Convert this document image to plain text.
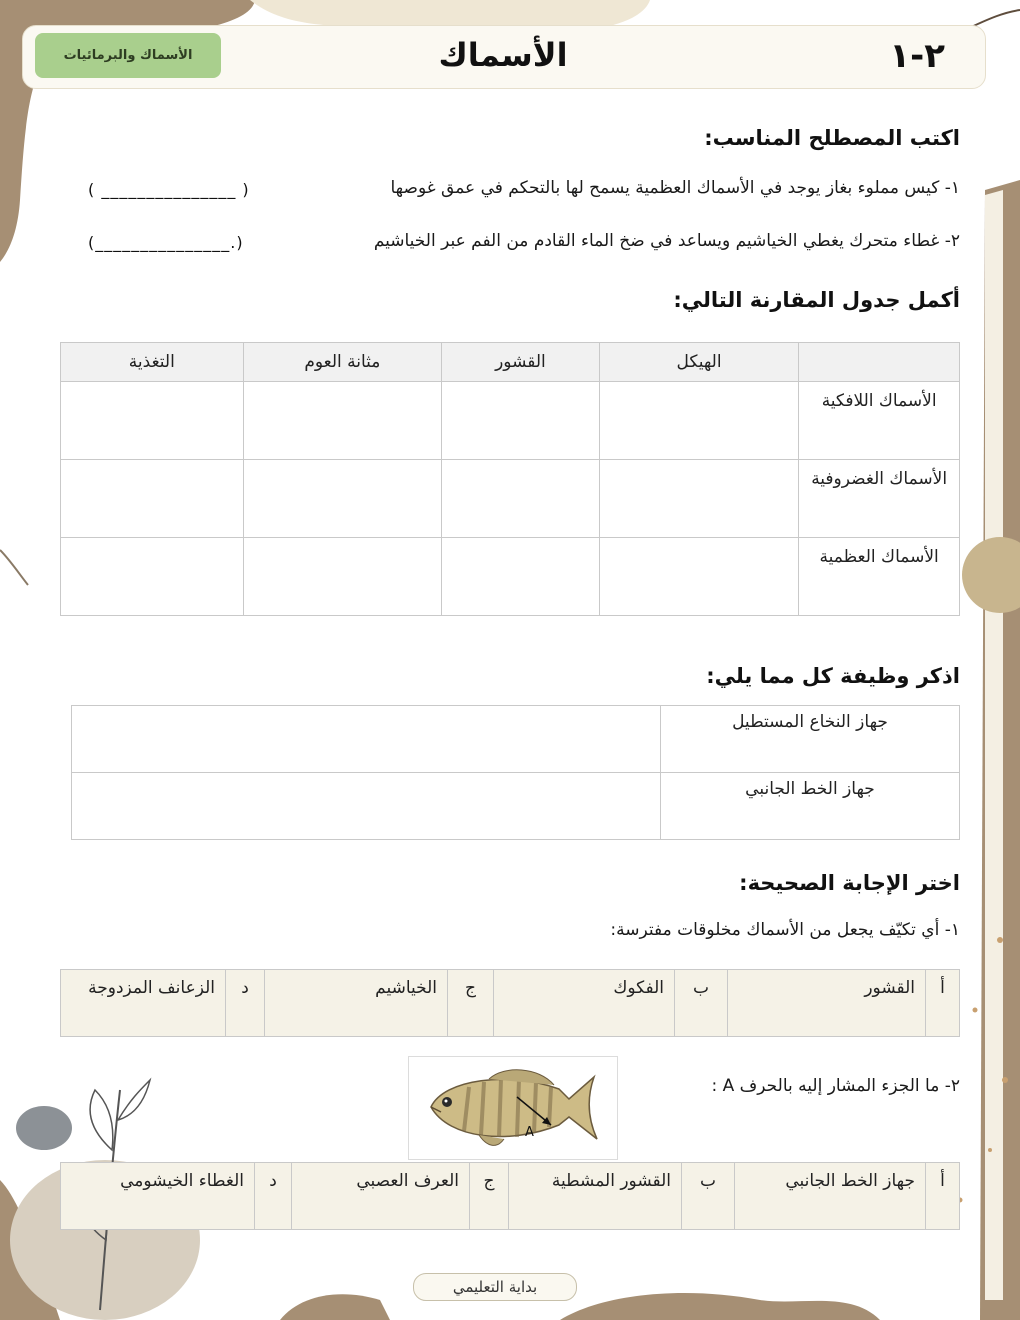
الأسماك والبرمائيات	الأسماك	٢-١
اكتب المصطلح المناسب:
١- كيس مملوء بغاز يوجد في الأسماك العظمية يسمح لها بالتحكم في عمق غوصها
( _______________ )
٢- غطاء متحرك يغطي الخياشيم ويساعد في ضخ الماء القادم من الفم عبر الخياشيم
(_______________.)
أكمل جدول المقارنة التالي:
	الهيكل	القشور	مثانة العوم	التغذية
الأسماك اللافكية				
الأسماك الغضروفية				
الأسماك العظمية				
اذكر وظيفة كل مما يلي:
جهاز النخاع المستطيل	
جهاز الخط الجانبي	
اختر الإجابة الصحيحة:
١- أي تكيّف يجعل من الأسماك مخلوقات مفترسة:
أ	القشور	ب	الفكوك	ج	الخياشيم	د	الزعانف المزدوجة
٢- ما الجزء المشار إليه بالحرف A :
A
أ	جهاز الخط الجانبي	ب	القشور المشطية	ج	العرف العصبي	د	الغطاء الخيشومي
بداية التعليمي
